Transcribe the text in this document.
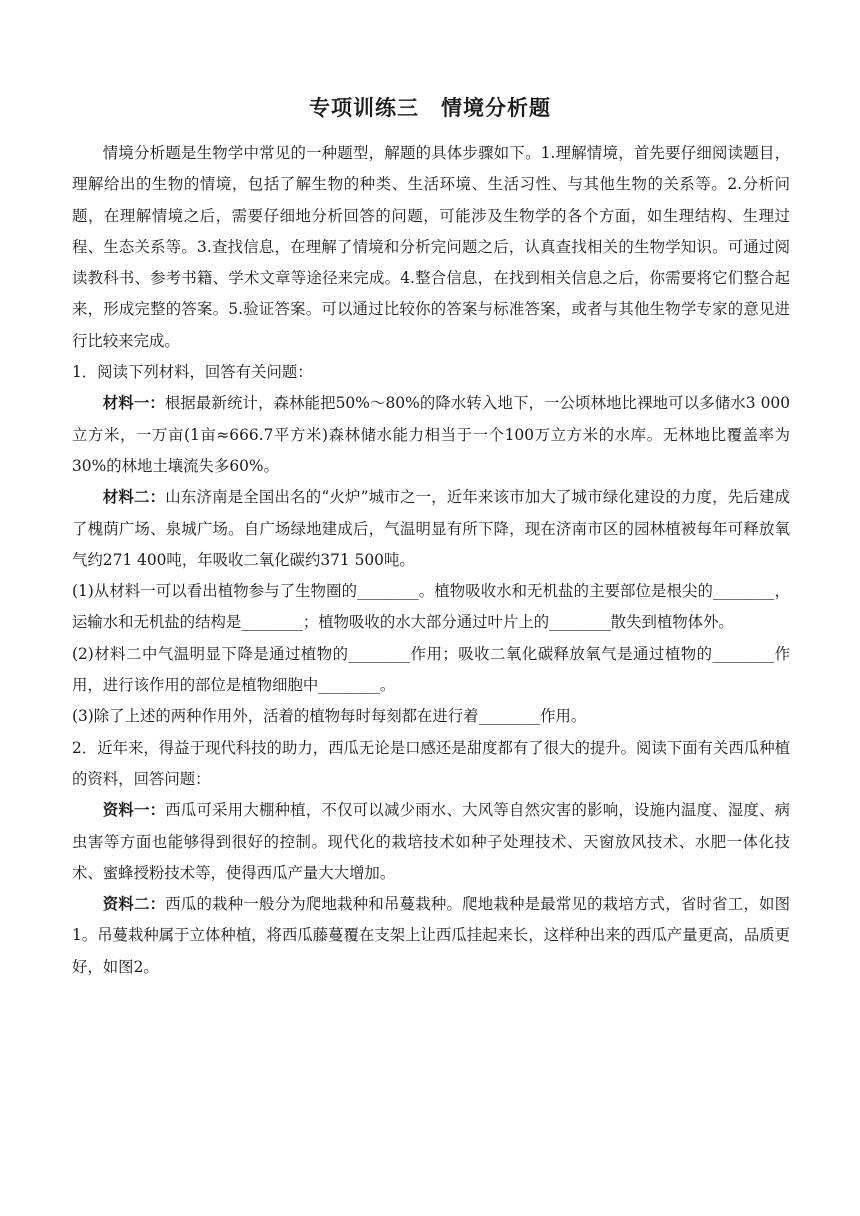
专项训练三　情境分析题

情境分析题是生物学中常见的一种题型，解题的具体步骤如下。1.理解情境，首先要仔细阅读题目，理解给出的生物的情境，包括了解生物的种类、生活环境、生活习性、与其他生物的关系等。2.分析问题，在理解情境之后，需要仔细地分析回答的问题，可能涉及生物学的各个方面，如生理结构、生理过程、生态关系等。3.查找信息，在理解了情境和分析完问题之后，认真查找相关的生物学知识。可通过阅读教科书、参考书籍、学术文章等途径来完成。4.整合信息，在找到相关信息之后，你需要将它们整合起来，形成完整的答案。5.验证答案。可以通过比较你的答案与标准答案，或者与其他生物学专家的意见进行比较来完成。

1．阅读下列材料，回答有关问题：

材料一：根据最新统计，森林能把50%～80%的降水转入地下，一公顷林地比裸地可以多储水3 000立方米，一万亩(1亩≈666.7平方米)森林储水能力相当于一个100万立方米的水库。无林地比覆盖率为30%的林地土壤流失多60%。

材料二：山东济南是全国出名的“火炉”城市之一，近年来该市加大了城市绿化建设的力度，先后建成了槐荫广场、泉城广场。自广场绿地建成后，气温明显有所下降，现在济南市区的园林植被每年可释放氧气约271 400吨，年吸收二氧化碳约371 500吨。

(1)从材料一可以看出植物参与了生物圈的________。植物吸收水和无机盐的主要部位是根尖的________，运输水和无机盐的结构是________；植物吸收的水大部分通过叶片上的________散失到植物体外。

(2)材料二中气温明显下降是通过植物的________作用；吸收二氧化碳释放氧气是通过植物的________作用，进行该作用的部位是植物细胞中________。

(3)除了上述的两种作用外，活着的植物每时每刻都在进行着________作用。

2．近年来，得益于现代科技的助力，西瓜无论是口感还是甜度都有了很大的提升。阅读下面有关西瓜种植的资料，回答问题：

资料一：西瓜可采用大棚种植，不仅可以减少雨水、大风等自然灾害的影响，设施内温度、湿度、病虫害等方面也能够得到很好的控制。现代化的栽培技术如种子处理技术、天窗放风技术、水肥一体化技术、蜜蜂授粉技术等，使得西瓜产量大大增加。

资料二：西瓜的栽种一般分为爬地栽种和吊蔓栽种。爬地栽种是最常见的栽培方式，省时省工，如图1。吊蔓栽种属于立体种植，将西瓜藤蔓覆在支架上让西瓜挂起来长，这样种出来的西瓜产量更高，品质更好，如图2。
